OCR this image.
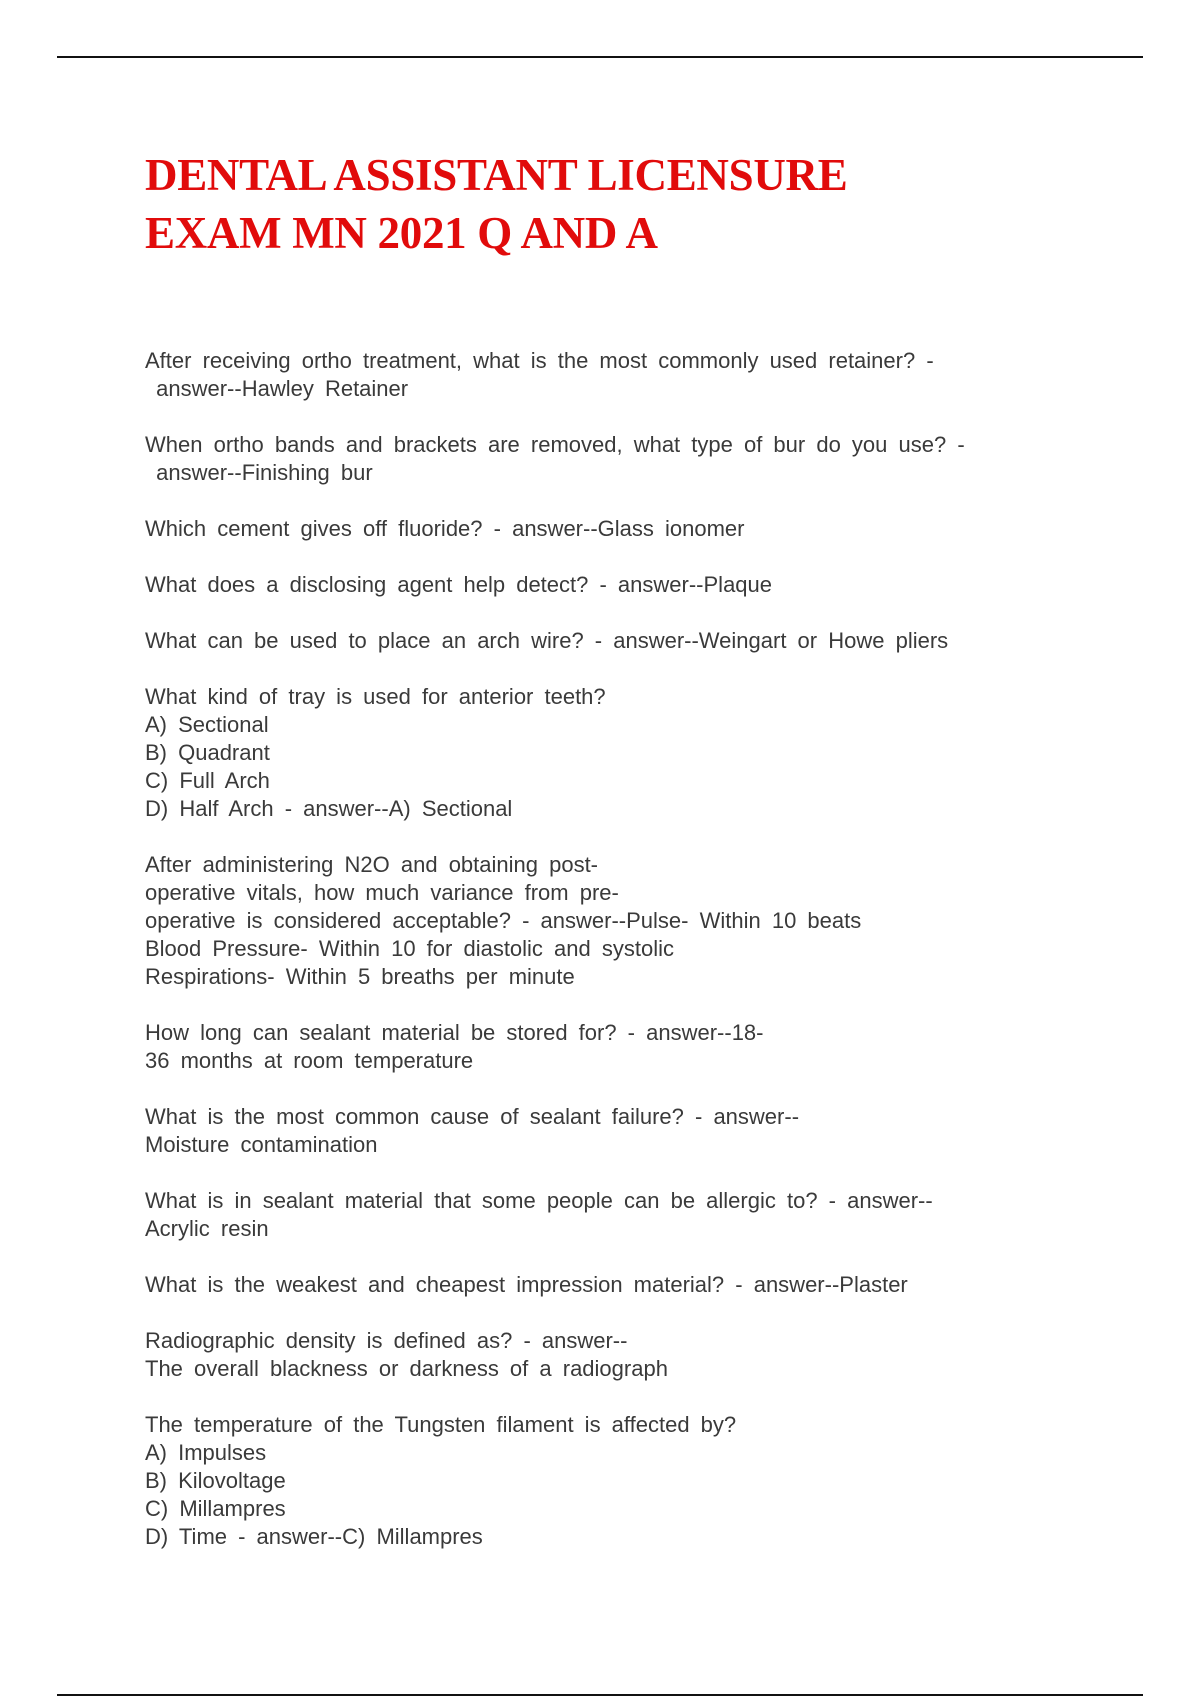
DENTAL ASSISTANT LICENSURE
EXAM MN 2021 Q AND A
After receiving ortho treatment, what is the most commonly used retainer? -
answer--Hawley Retainer
When ortho bands and brackets are removed, what type of bur do you use? -
answer--Finishing bur
Which cement gives off fluoride? - answer--Glass ionomer
What does a disclosing agent help detect? - answer--Plaque
What can be used to place an arch wire? - answer--Weingart or Howe pliers
What kind of tray is used for anterior teeth?
A) Sectional
B) Quadrant
C) Full Arch
D) Half Arch - answer--A) Sectional
After administering N2O and obtaining post-
operative vitals, how much variance from pre-
operative is considered acceptable? - answer--Pulse- Within 10 beats
Blood Pressure- Within 10 for diastolic and systolic
Respirations- Within 5 breaths per minute
How long can sealant material be stored for? - answer--18-
36 months at room temperature
What is the most common cause of sealant failure? - answer--
Moisture contamination
What is in sealant material that some people can be allergic to? - answer--
Acrylic resin
What is the weakest and cheapest impression material? - answer--Plaster
Radiographic density is defined as? - answer--
The overall blackness or darkness of a radiograph
The temperature of the Tungsten filament is affected by?
A) Impulses
B) Kilovoltage
C) Millampres
D) Time - answer--C) Millampres
